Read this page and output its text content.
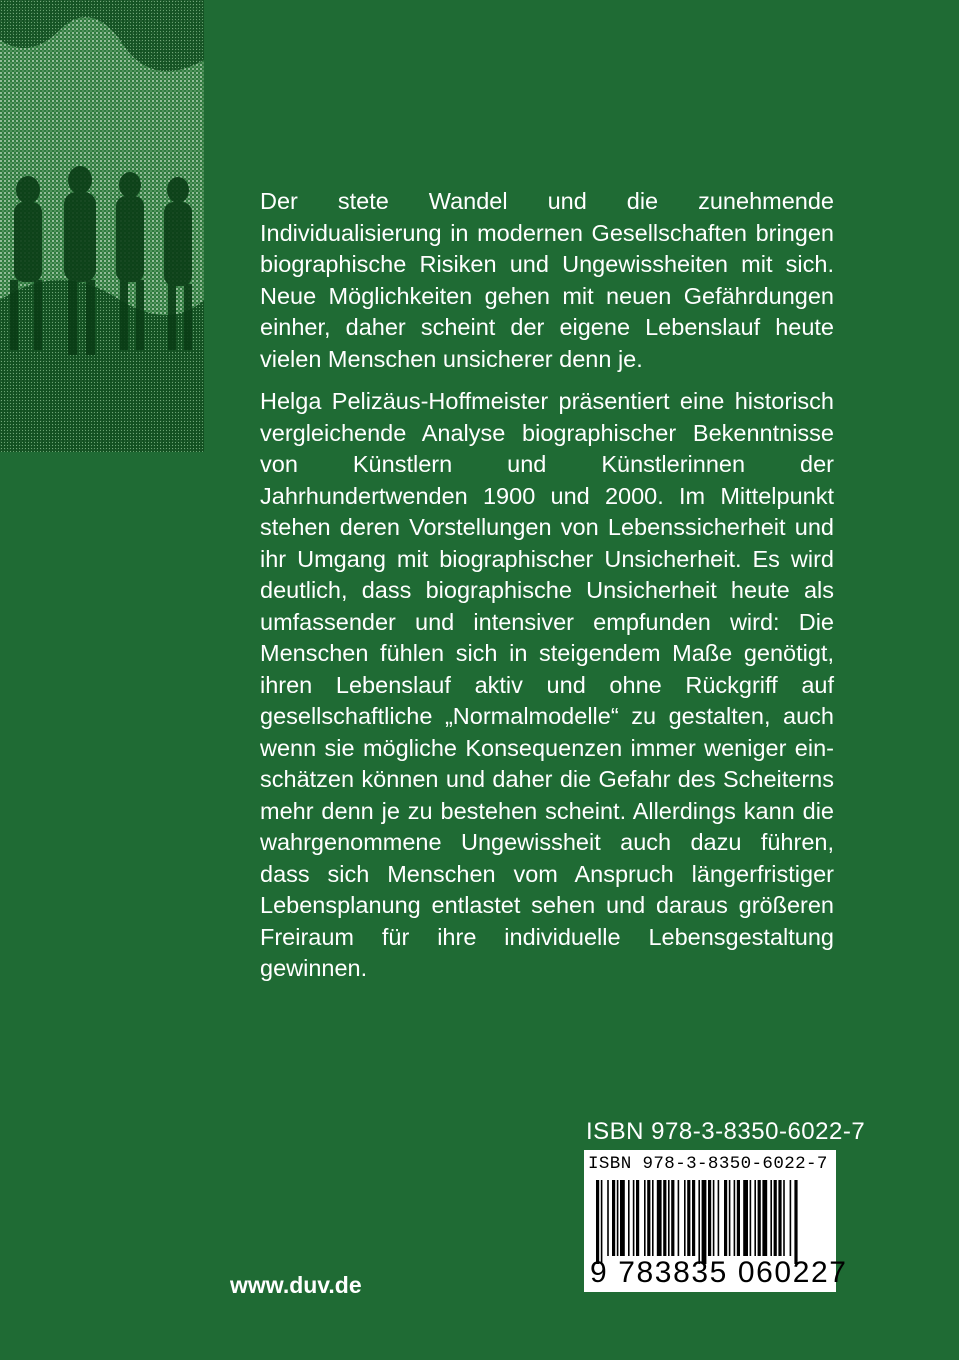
Der stete Wandel und die zunehmende Individualisierung in modernen Gesellschaften bringen biographische Risiken und Ungewissheiten mit sich. Neue Möglichkeiten gehen mit neuen Gefährdungen einher, daher scheint der eigene Lebenslauf heute vielen Menschen unsicherer denn je.

Helga Pelizäus-Hoffmeister präsentiert eine historisch vergleichende Analyse biographischer Bekenntnisse von Künstlern und Künstlerinnen der Jahrhundertwenden 1900 und 2000. Im Mittelpunkt stehen deren Vorstellungen von Lebenssicherheit und ihr Umgang mit biographischer Unsicherheit. Es wird deutlich, dass biographische Unsicherheit heute als umfassender und intensiver empfunden wird: Die Menschen fühlen sich in steigendem Maße genötigt, ihren Lebenslauf aktiv und ohne Rückgriff auf gesellschaftliche „Normalmodelle“ zu gestalten, auch wenn sie mögliche Konsequenzen immer weniger einschätzen können und daher die Gefahr des Scheiterns mehr denn je zu bestehen scheint. Allerdings kann die wahrgenommene Ungewissheit auch dazu führen, dass sich Menschen vom Anspruch längerfristiger Lebensplanung entlastet sehen und daraus größeren Freiraum für ihre individuelle Lebensgestaltung gewinnen.

ISBN 978-3-8350-6022-7
ISBN 978-3-8350-6022-7
9 783835 060227
www.duv.de
